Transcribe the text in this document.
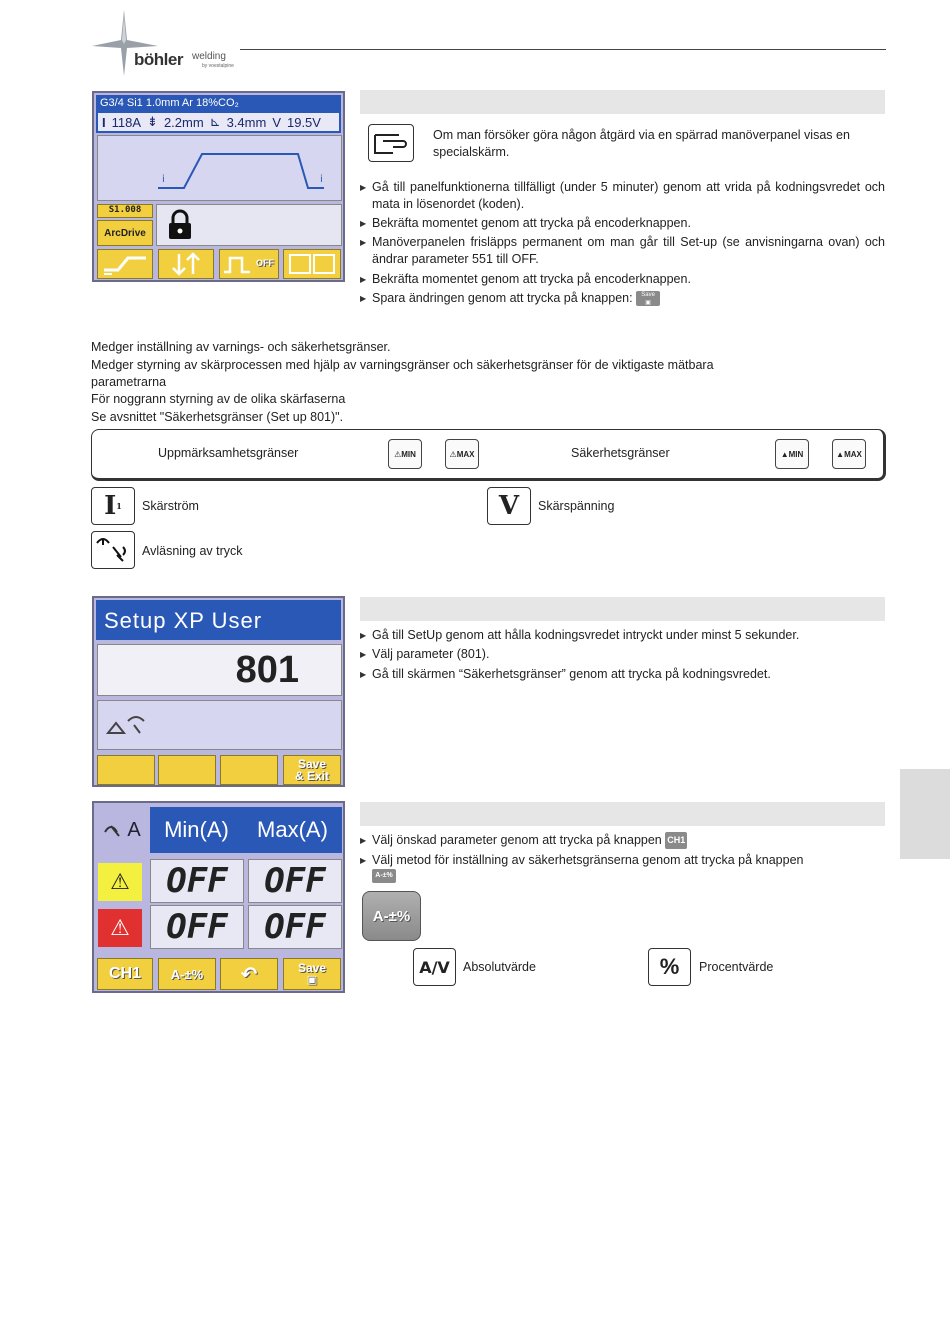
böhler welding
by voestalpine
G3/4 Si1 1.0mm Ar 18%CO₂
I 118A ⇟ 2.2mm ⊾ 3.4mm V 19.5V
i	i
S1.008
ArcDrive
OFF
Om man försöker göra någon åtgärd via en spärrad manöverpanel visas en specialskärm.
▶ Gå till panelfunktionerna tillfälligt (under 5 minuter) genom att vrida på kodningsvredet och mata in lösenordet (koden).
▶ Bekräfta momentet genom att trycka på encoderknappen.
▶ Manöverpanelen frisläpps permanent om man går till Set-up (se anvisningarna ovan) och ändrar parameter 551 till OFF.
▶ Bekräfta momentet genom att trycka på encoderknappen.
▶ Spara ändringen genom att trycka på knappen: Save
▣
Medger inställning av varnings- och säkerhetsgränser.
Medger styrning av skärprocessen med hjälp av varningsgränser och säkerhetsgränser för de viktigaste mätbara
parametrarna
För noggrann styrning av de olika skärfaserna
Se avsnittet "Säkerhetsgränser (Set up 801)".
Uppmärksamhetsgränser	⚠ MIN	⚠ MAX	Säkerhetsgränser	▲ MIN	▲ MAX
I 1 Skärström	V	Skärspänning
Avläsning av tryck
Setup XP User
801
Save
& Exit
▶ Gå till SetUp genom att hålla kodningsvredet intryckt under minst 5 sekunder.
▶ Välj parameter (801).
▶ Gå till skärmen “Säkerhetsgränser” genom att trycka på kodningsvredet.
A Min(A) Max(A)
⚠	OFF OFF
⚠	OFF OFF
CH1 A-±% ↶	Save
▣
▶ Välj önskad parameter genom att trycka på knappen CH1
▶ Välj metod för inställning av säkerhetsgränserna genom att trycka på knappen
A-±%
A-±%
A/V	Absolutvärde	%	Procentvärde
